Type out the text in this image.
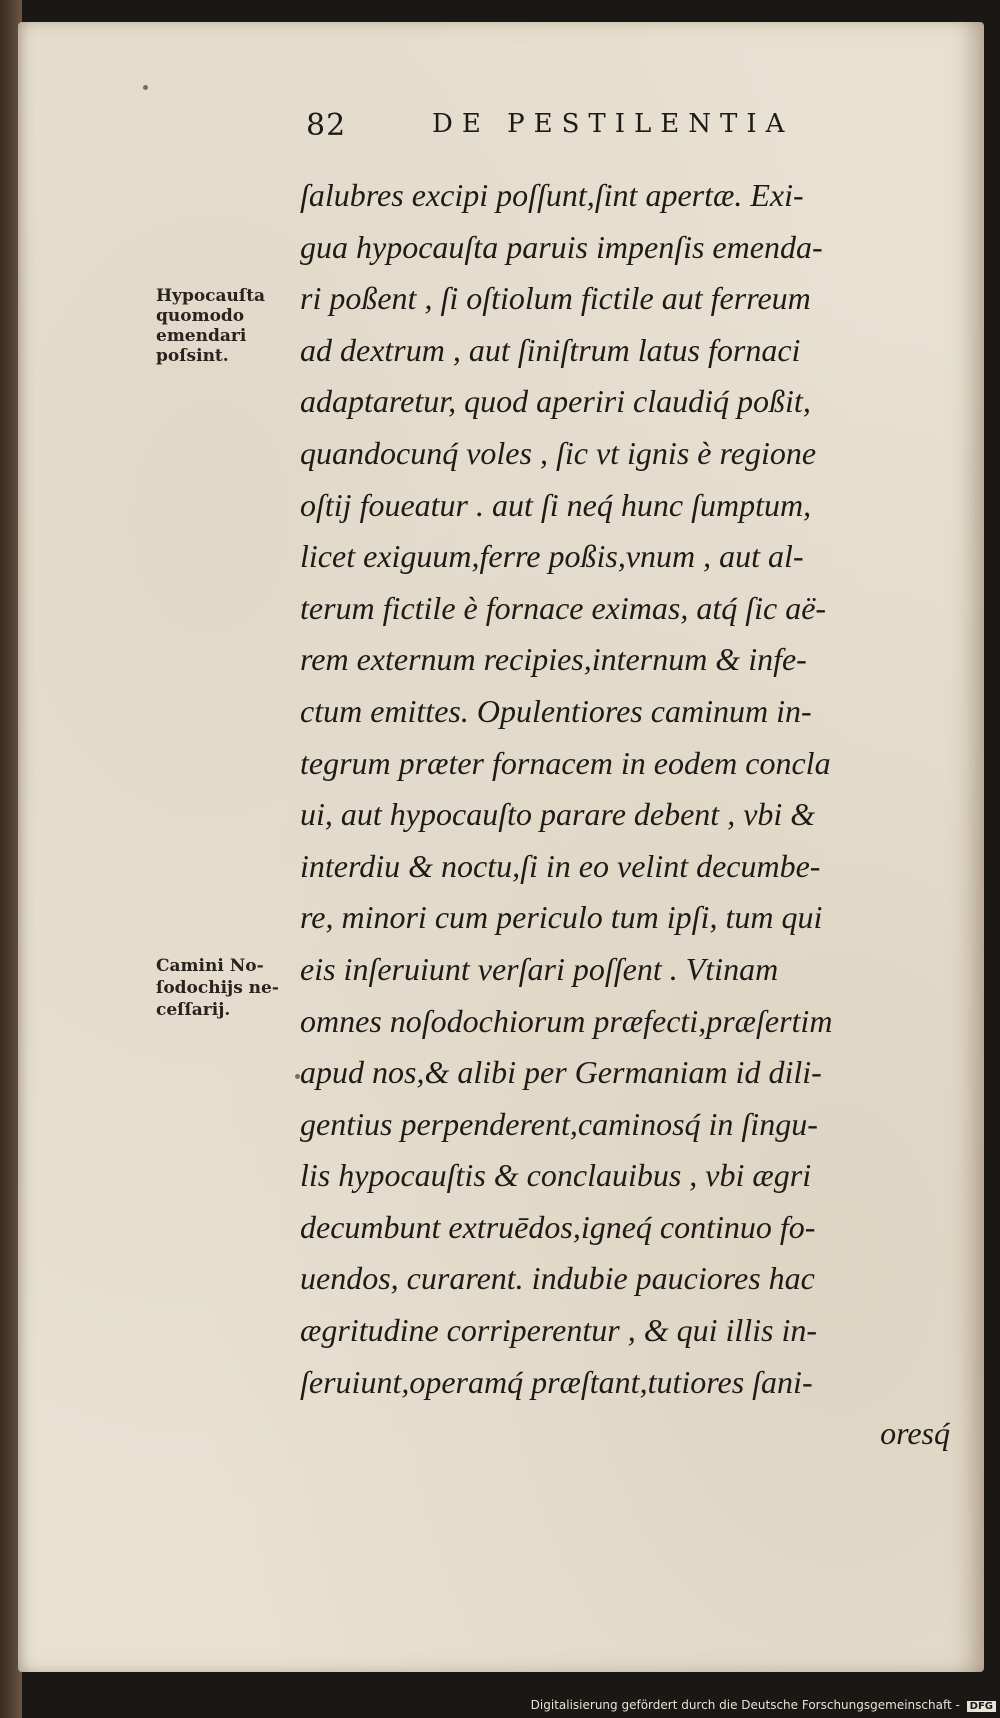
82	DE PESTILENTIA
Hypocauſta
quomodo
emendari
poſsint.
Camini No-
ſodochijs ne-
ceſſarij.
ſalubres excipi poſſunt,ſint apertæ. Exi-
gua hypocauſta paruis impenſis emenda-
ri poßent , ſi oſtiolum fictile aut ferreum
ad dextrum , aut ſiniſtrum latus fornaci
adaptaretur, quod aperiri claudiq́ poßit,
quandocunq́ voles , ſic vt ignis è regione
oſtij foueatur . aut ſi neq́ hunc ſumptum,
licet exiguum,ferre poßis,vnum , aut al-
terum fictile è fornace eximas, atq́ ſic aë-
rem externum recipies,internum & infe-
ctum emittes. Opulentiores caminum in-
tegrum præter fornacem in eodem concla
ui, aut hypocauſto parare debent , vbi &
interdiu & noctu,ſi in eo velint decumbe-
re, minori cum periculo tum ipſi, tum qui
eis inſeruiunt verſari poſſent . Vtinam
omnes noſodochiorum præfecti,præſertim
apud nos,& alibi per Germaniam id dili-
gentius perpenderent,caminosq́ in ſingu-
lis hypocauſtis & conclauibus , vbi ægri
decumbunt extruēdos,igneq́ continuo fo-
uendos, curarent. indubie pauciores hac
ægritudine corriperentur , & qui illis in-
ſeruiunt,operamq́ præſtant,tutiores ſani-
oresq́
Digitalisierung gefördert durch die Deutsche Forschungsgemeinschaft - DFG
